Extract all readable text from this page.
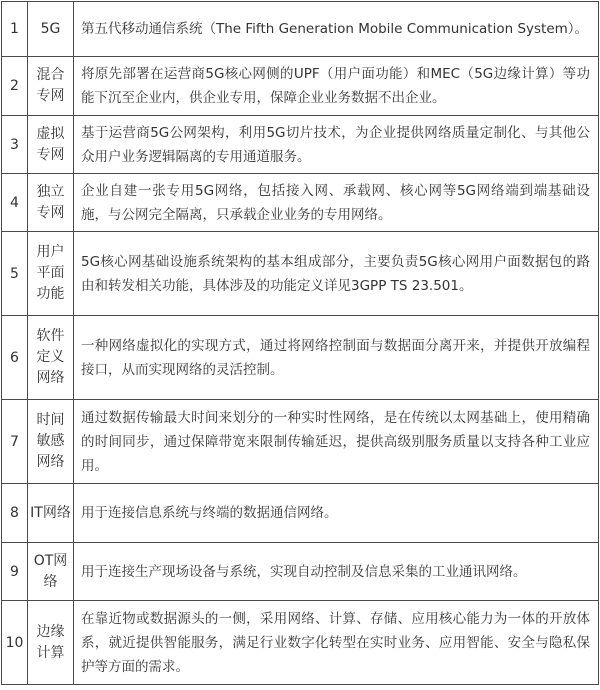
1	5G	第五代移动通信系统（The Fifth Generation Mobile Communication System）。
2	混合专网	将原先部署在运营商5G核心网侧的UPF（用户面功能）和MEC（5G边缘计算）等功能下沉至企业内，供企业专用，保障企业业务数据不出企业。
3	虚拟专网	基于运营商5G公网架构，利用5G切片技术，为企业提供网络质量定制化、与其他公众用户业务逻辑隔离的专用通道服务。
4	独立专网	企业自建一张专用5G网络，包括接入网、承载网、核心网等5G网络端到端基础设施，与公网完全隔离，只承载企业业务的专用网络。
5	用户平面功能	5G核心网基础设施系统架构的基本组成部分，主要负责5G核心网用户面数据包的路由和转发相关功能，具体涉及的功能定义详见3GPP TS 23.501。
6	软件定义网络	一种网络虚拟化的实现方式，通过将网络控制面与数据面分离开来，并提供开放编程接口，从而实现网络的灵活控制。
7	时间敏感网络	通过数据传输最大时间来划分的一种实时性网络，是在传统以太网基础上，使用精确的时间同步，通过保障带宽来限制传输延迟，提供高级别服务质量以支持各种工业应用。
8	IT网络	用于连接信息系统与终端的数据通信网络。
9	OT网络	用于连接生产现场设备与系统，实现自动控制及信息采集的工业通讯网络。
10	边缘计算	在靠近物或数据源头的一侧，采用网络、计算、存储、应用核心能力为一体的开放体系，就近提供智能服务，满足行业数字化转型在实时业务、应用智能、安全与隐私保护等方面的需求。
